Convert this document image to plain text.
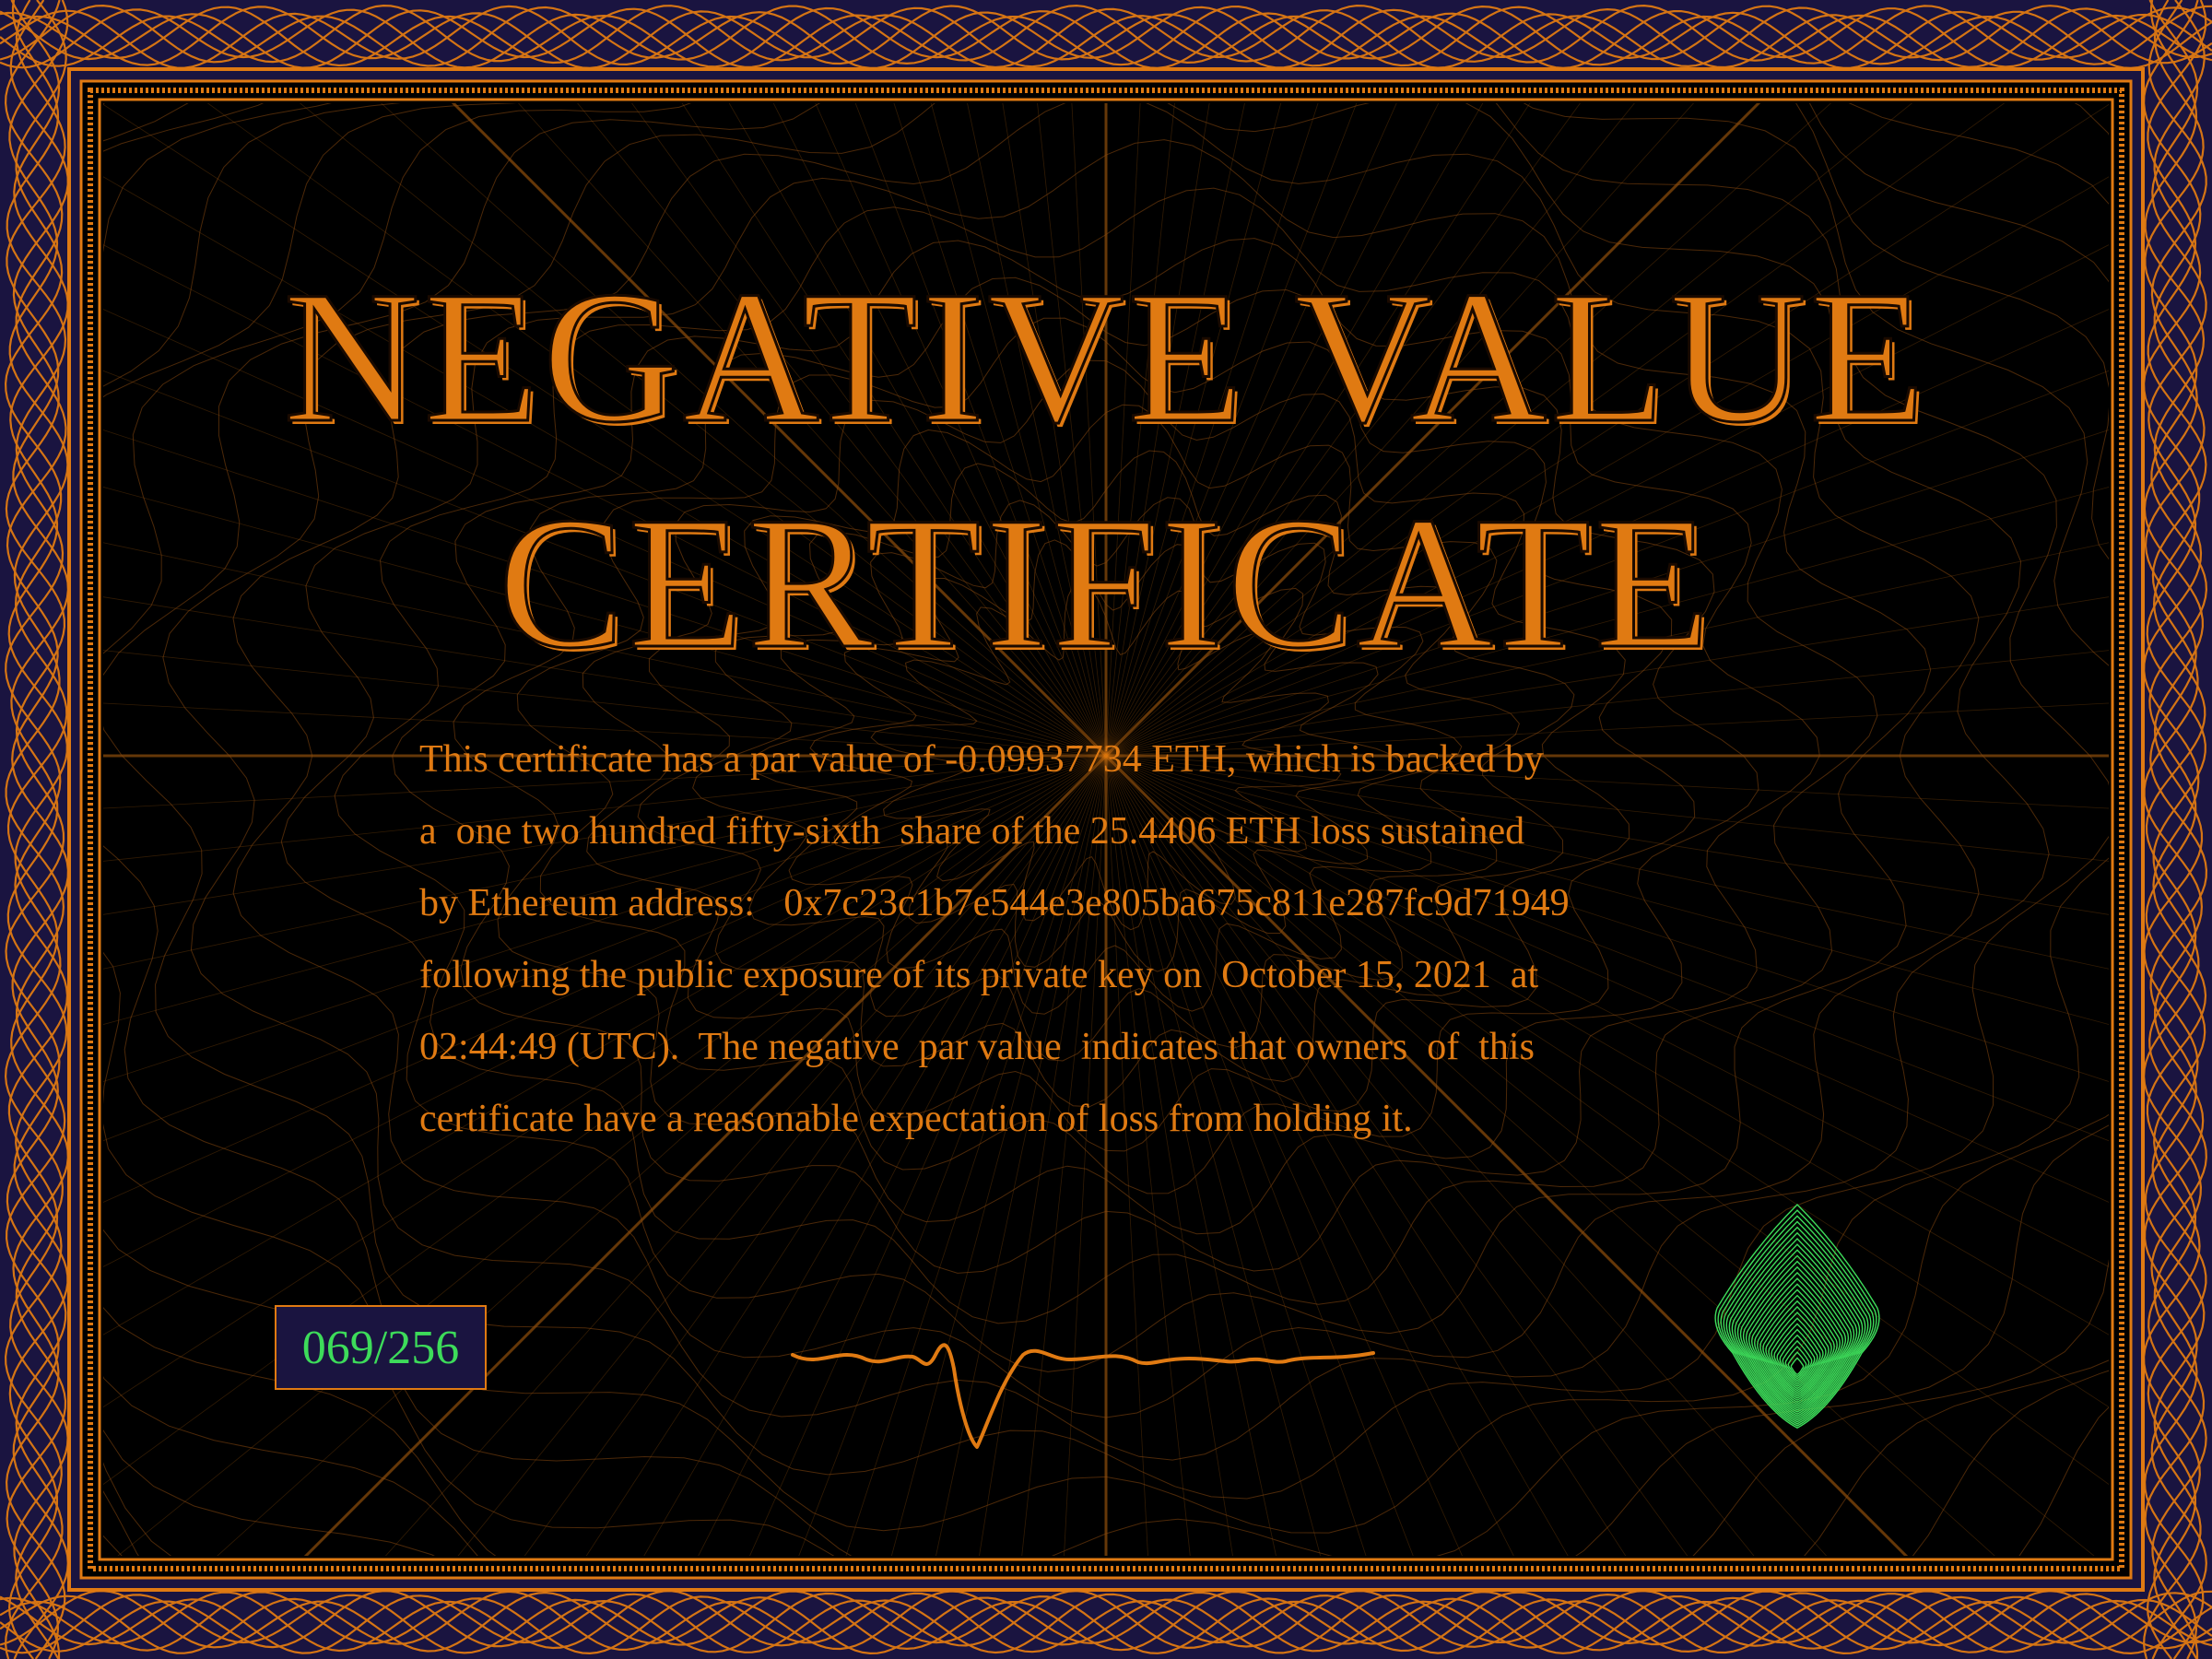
NEGATIVE VALUE
CERTIFICATE
This certificate has a par value of -0.09937734 ETH, which is backed by
a  one two hundred fifty-sixth  share of the 25.4406 ETH loss sustained
by Ethereum address:   0x7c23c1b7e544e3e805ba675c811e287fc9d71949
following the public exposure of its private key on  October 15, 2021  at
02:44:49 (UTC).  The negative  par value  indicates that owners  of  this
certificate have a reasonable expectation of loss from holding it.
069/256
